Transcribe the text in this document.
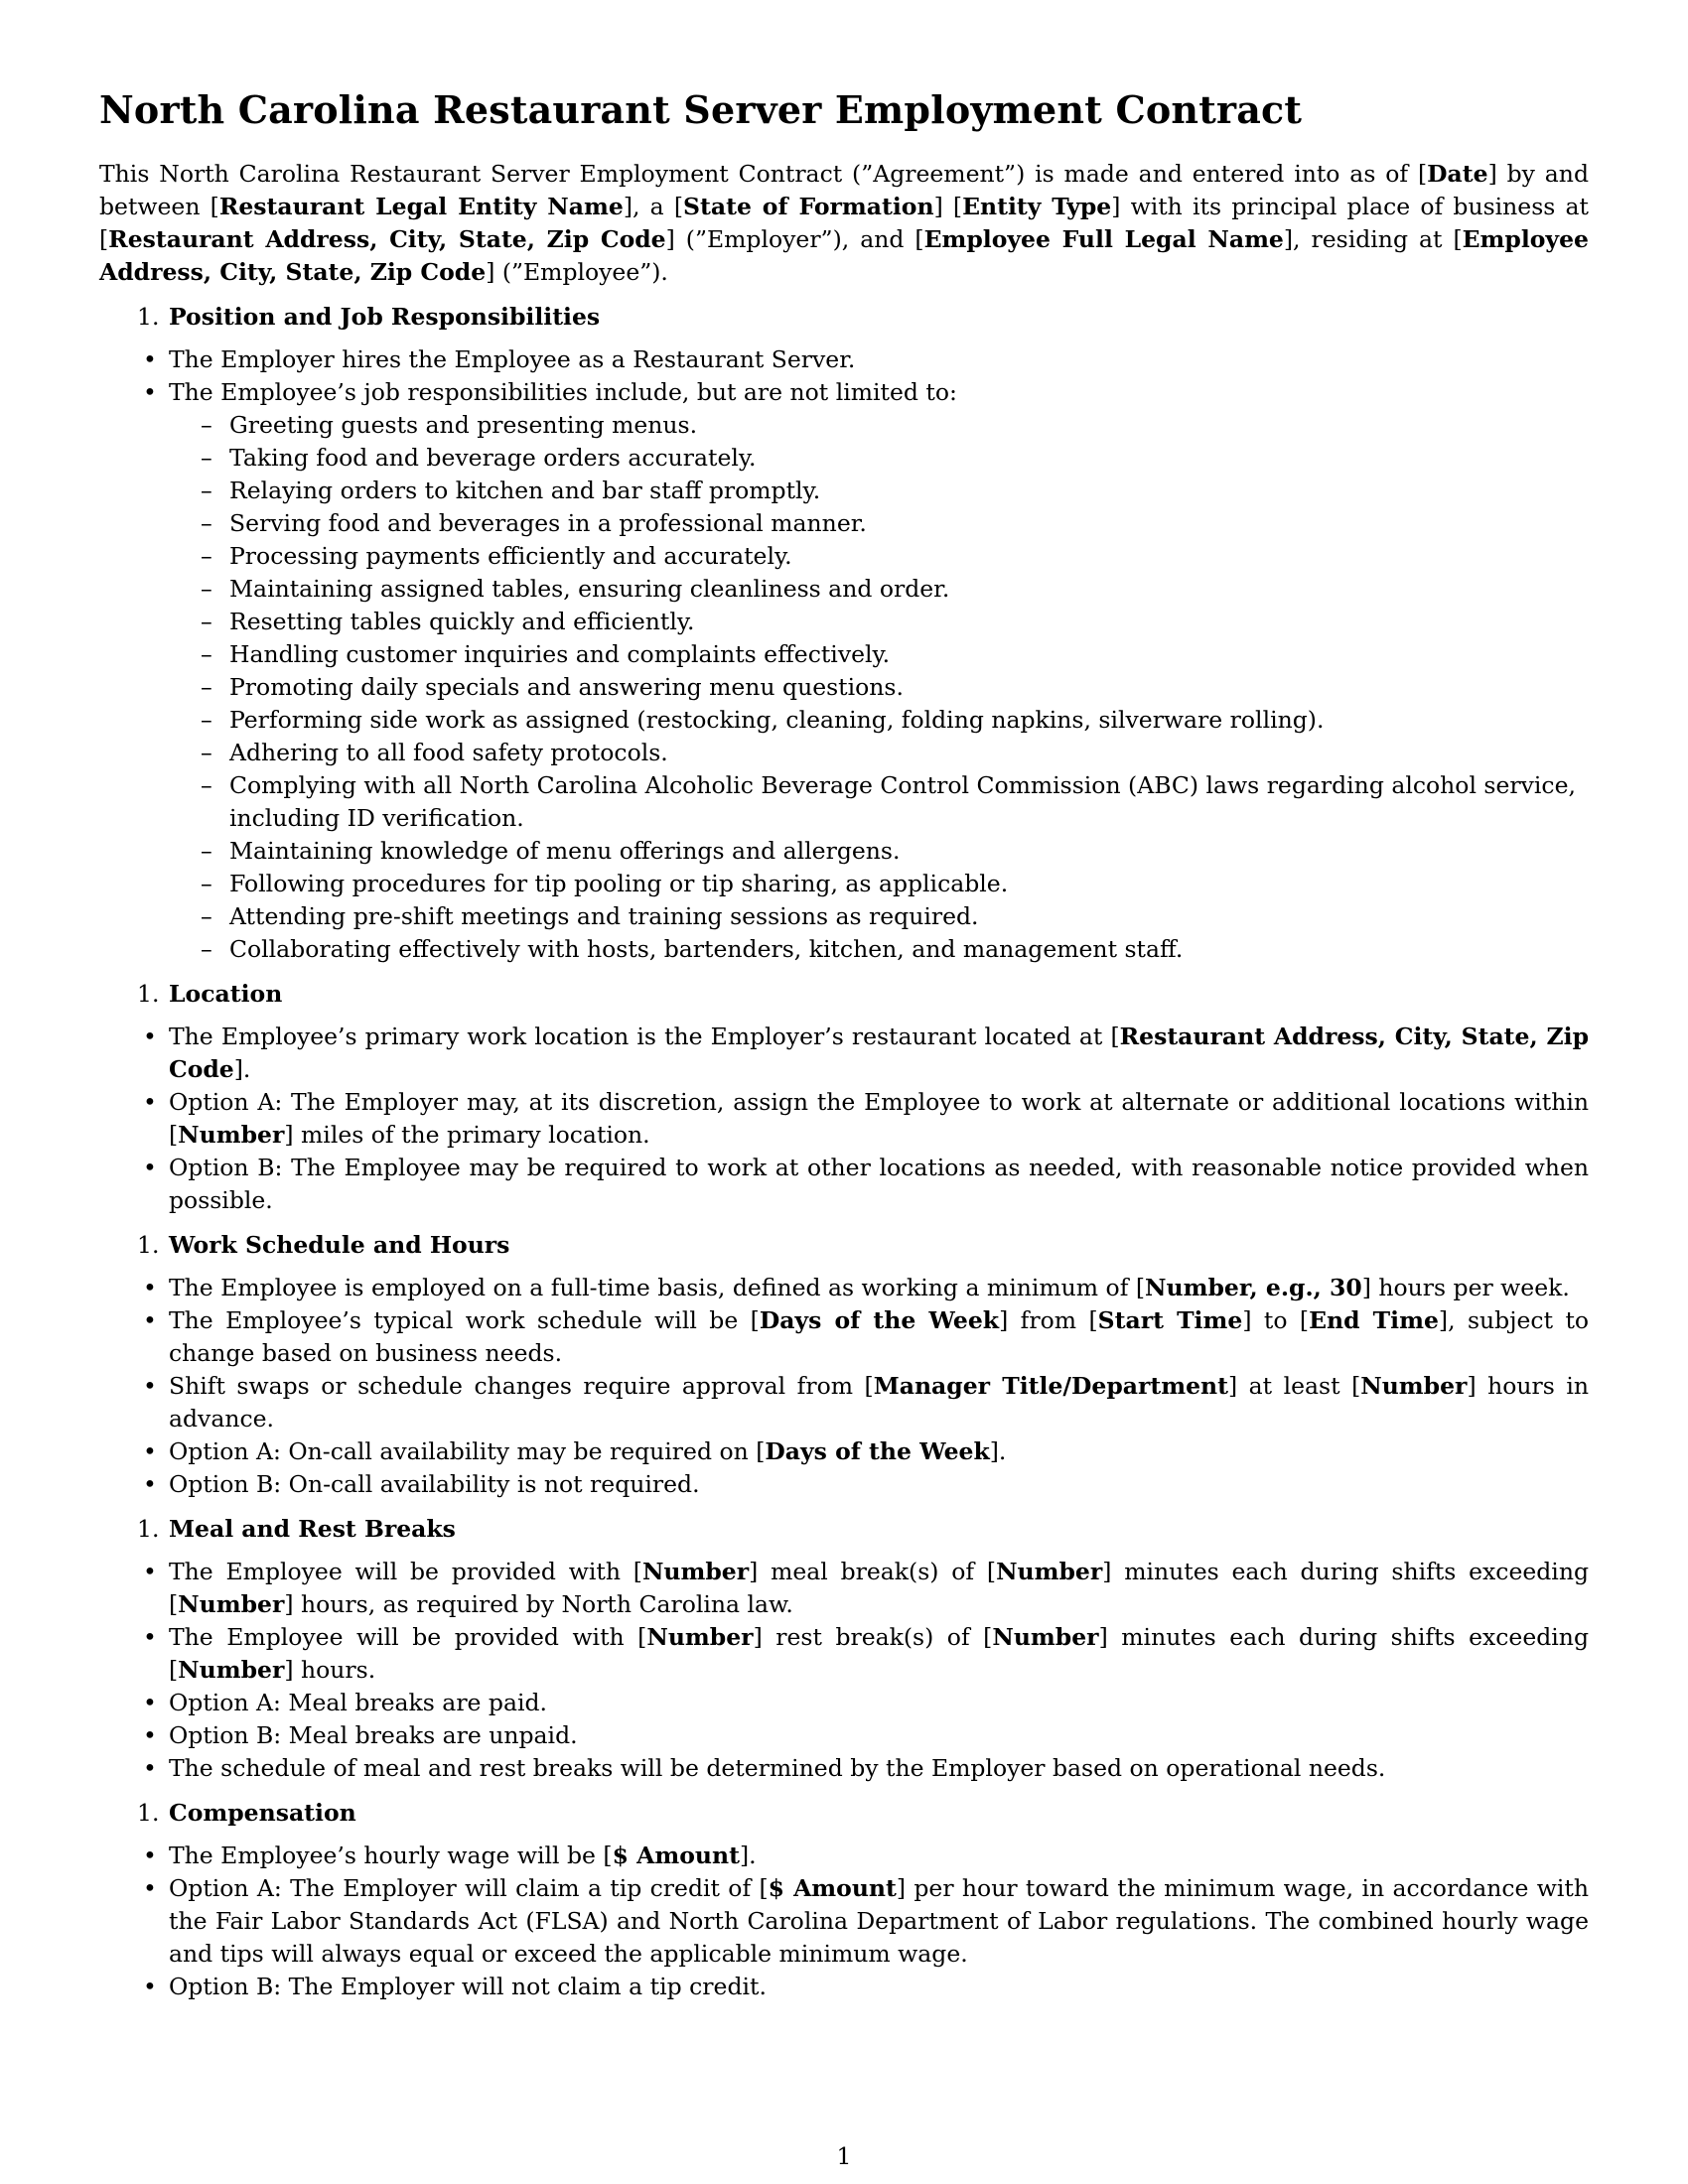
North Carolina Restaurant Server Employment Contract

This North Carolina Restaurant Server Employment Contract (”Agreement”) is made and entered into as of [Date] by and between [Restaurant Legal Entity Name], a [State of Formation] [Entity Type] with its principal place of business at [Restaurant Address, City, State, Zip Code] (”Employer”), and [Employee Full Legal Name], residing at [Employee Address, City, State, Zip Code] (”Employee”).

1. Position and Job Responsibilities
• The Employer hires the Employee as a Restaurant Server.
• The Employee’s job responsibilities include, but are not limited to:
– Greeting guests and presenting menus.
– Taking food and beverage orders accurately.
– Relaying orders to kitchen and bar staff promptly.
– Serving food and beverages in a professional manner.
– Processing payments efficiently and accurately.
– Maintaining assigned tables, ensuring cleanliness and order.
– Resetting tables quickly and efficiently.
– Handling customer inquiries and complaints effectively.
– Promoting daily specials and answering menu questions.
– Performing side work as assigned (restocking, cleaning, folding napkins, silverware rolling).
– Adhering to all food safety protocols.
– Complying with all North Carolina Alcoholic Beverage Control Commission (ABC) laws regarding alcohol service, including ID verification.
– Maintaining knowledge of menu offerings and allergens.
– Following procedures for tip pooling or tip sharing, as applicable.
– Attending pre-shift meetings and training sessions as required.
– Collaborating effectively with hosts, bartenders, kitchen, and management staff.
1. Location
• The Employee’s primary work location is the Employer’s restaurant located at [Restaurant Address, City, State, Zip Code].
• Option A: The Employer may, at its discretion, assign the Employee to work at alternate or additional locations within [Number] miles of the primary location.
• Option B: The Employee may be required to work at other locations as needed, with reasonable notice provided when possible.
1. Work Schedule and Hours
• The Employee is employed on a full-time basis, defined as working a minimum of [Number, e.g., 30] hours per week.
• The Employee’s typical work schedule will be [Days of the Week] from [Start Time] to [End Time], subject to change based on business needs.
• Shift swaps or schedule changes require approval from [Manager Title/Department] at least [Number] hours in advance.
• Option A: On-call availability may be required on [Days of the Week].
• Option B: On-call availability is not required.
1. Meal and Rest Breaks
• The Employee will be provided with [Number] meal break(s) of [Number] minutes each during shifts exceeding [Number] hours, as required by North Carolina law.
• The Employee will be provided with [Number] rest break(s) of [Number] minutes each during shifts exceeding [Number] hours.
• Option A: Meal breaks are paid.
• Option B: Meal breaks are unpaid.
• The schedule of meal and rest breaks will be determined by the Employer based on operational needs.
1. Compensation
• The Employee’s hourly wage will be [$ Amount].
• Option A: The Employer will claim a tip credit of [$ Amount] per hour toward the minimum wage, in accordance with the Fair Labor Standards Act (FLSA) and North Carolina Department of Labor regulations. The combined hourly wage and tips will always equal or exceed the applicable minimum wage.
• Option B: The Employer will not claim a tip credit.
1
